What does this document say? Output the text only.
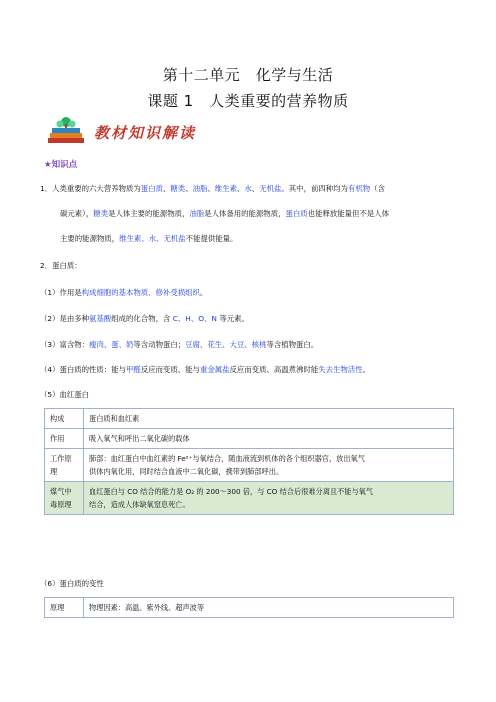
第十二单元　化学与生活
课题 1　人类重要的营养物质
教材知识解读
★知识点
1．人类重要的六大营养物质为蛋白质、糖类、油脂、维生素、水、无机盐。其中，前四种均为有机物（含
碳元素），糖类是人体主要的能源物质，油脂是人体备用的能源物质，蛋白质也能释放能量但不是人体
主要的能源物质，维生素、水、无机盐不能提供能量。
2．蛋白质：
（1）作用是构成细胞的基本物质、修补受损组织。
（2）是由多种氨基酸组成的化合物，含 C、H、O、N 等元素。
（3）富含物：瘦肉、蛋、奶等含动物蛋白；豆腐、花生、大豆、核桃等含植物蛋白。
（4）蛋白质的性质：能与甲醛反应而变质、能与重金属盐反应而变质、高温煮沸时能失去生物活性。
（5）血红蛋白
构成	蛋白质和血红素
作用	吸入氧气和呼出二氧化碳的载体
工作原理	肺部：血红蛋白中血红素的 Fe²⁺与氧结合，随血液流到机体的各个组织器官，放出氧气
供体内氧化用，同时结合血液中二氧化碳，携带到肺部呼出。

煤气中毒原理	血红蛋白与 CO 结合的能力是 O₂ 的 200～300 倍，与 CO 结合后很难分离且不能与氧气
结合，造成人体缺氧窒息死亡。
（6）蛋白质的变性
原理	物理因素：高温、紫外线、超声波等
